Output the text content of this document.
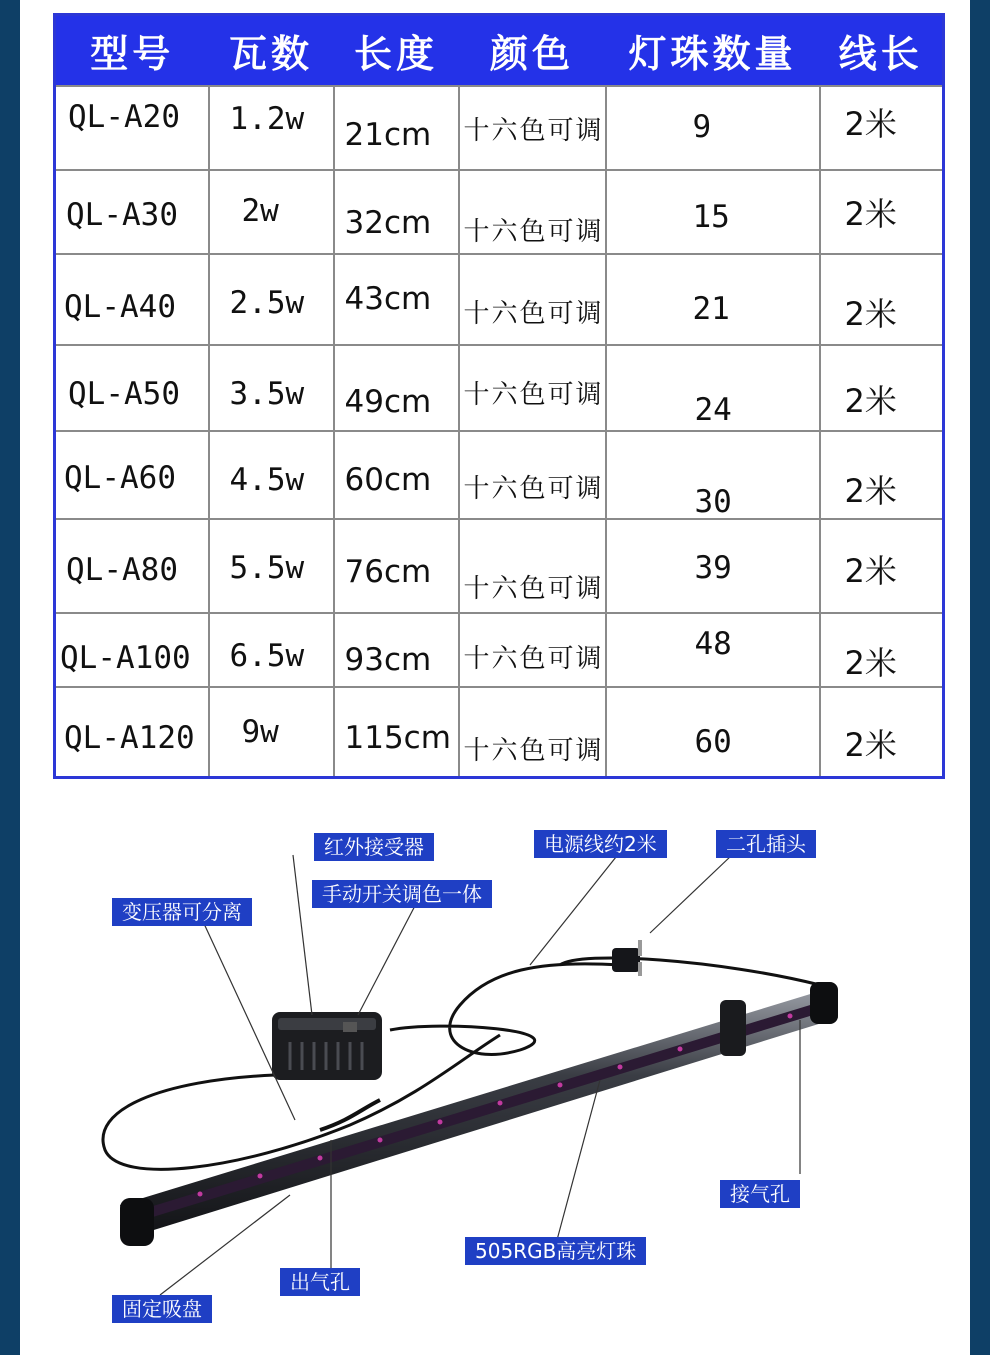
型号	瓦数	长度	颜色	灯珠数量	线长

QL-A20	1.2w	21cm	十六色可调	9	2米

QL-A30	2w	32cm	十六色可调	15	2米

QL-A40	2.5w	43cm	十六色可调	21	2米

QL-A50	3.5w	49cm	十六色可调	24	2米

QL-A60	4.5w	60cm	十六色可调	30	2米

QL-A80	5.5w	76cm	十六色可调	39	2米

QL-A100	6.5w	93cm	十六色可调	48	2米

QL-A120	9w	115cm	十六色可调	60	2米
红外接受器	电源线约2米	二孔插头
手动开关调色一体
变压器可分离
接气孔
505RGB高亮灯珠
出气孔
固定吸盘
